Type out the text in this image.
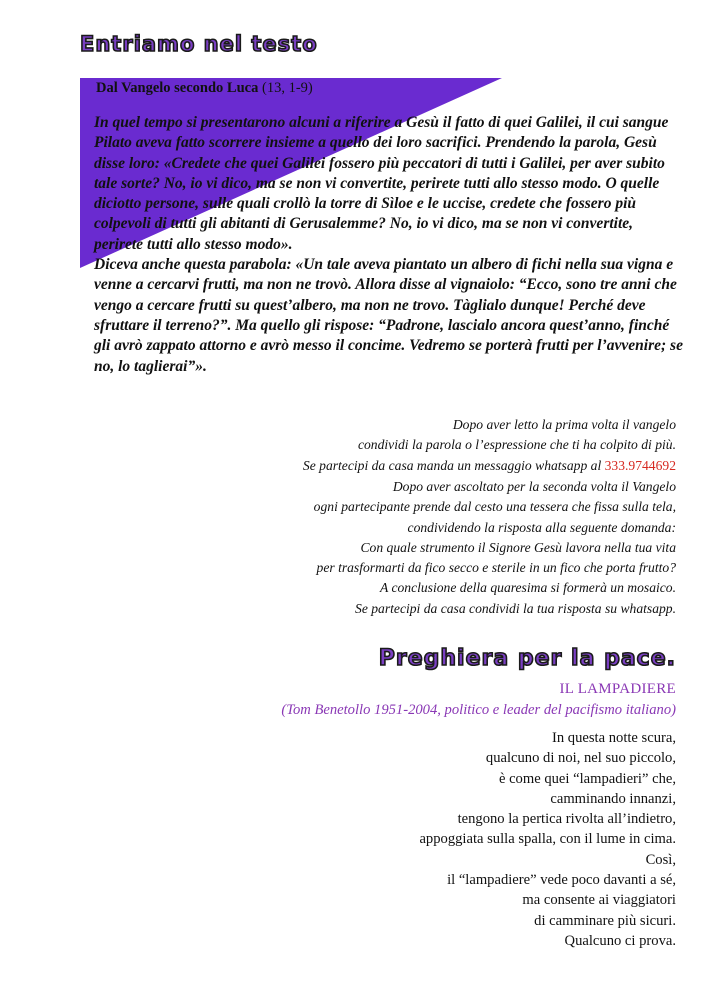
Entriamo nel testo
Dal Vangelo secondo Luca (13, 1-9)

In quel tempo si presentarono alcuni a riferire a Gesù il fatto di quei Galilei, il cui sangue Pilato aveva fatto scorrere insieme a quello dei loro sacrifici. Prendendo la parola, Gesù disse loro: «Credete che quei Galilei fossero più peccatori di tutti i Galilei, per aver subito tale sorte? No, io vi dico, ma se non vi convertite, perirete tutti allo stesso modo. O quelle diciotto persone, sulle quali crollò la torre di Sìloe e le uccise, credete che fossero più colpevoli di tutti gli abitanti di Gerusalemme? No, io vi dico, ma se non vi convertite, perirete tutti allo stesso modo».

Diceva anche questa parabola: «Un tale aveva piantato un albero di fichi nella sua vigna e venne a cercarvi frutti, ma non ne trovò. Allora disse al vignaiolo: “Ecco, sono tre anni che vengo a cercare frutti su quest’albero, ma non ne trovo. Tàglialo dunque! Perché deve sfruttare il terreno?”. Ma quello gli rispose: “Padrone, lascialo ancora quest’anno, finché gli avrò zappato attorno e avrò messo il concime. Vedremo se porterà frutti per l’avvenire; se no, lo taglierai”».

Dopo aver letto la prima volta il vangelo
condividi la parola o l’espressione che ti ha colpito di più.
Se partecipi da casa manda un messaggio whatsapp al 333.9744692
Dopo aver ascoltato per la seconda volta il Vangelo
ogni partecipante prende dal cesto una tessera che fissa sulla tela,
condividendo la risposta alla seguente domanda:
Con quale strumento il Signore Gesù lavora nella tua vita
per trasformarti da fico secco e sterile in un fico che porta frutto?
A conclusione della quaresima si formerà un mosaico.
Se partecipi da casa condividi la tua risposta su whatsapp.
Preghiera per la pace.
IL LAMPADIERE
(Tom Benetollo 1951-2004, politico e leader del pacifismo italiano)
In questa notte scura,
qualcuno di noi, nel suo piccolo,
è come quei “lampadieri” che,
camminando innanzi,
tengono la pertica rivolta all’indietro,
appoggiata sulla spalla, con il lume in cima.
Così,
il “lampadiere” vede poco davanti a sé,
ma consente ai viaggiatori
di camminare più sicuri.
Qualcuno ci prova.
